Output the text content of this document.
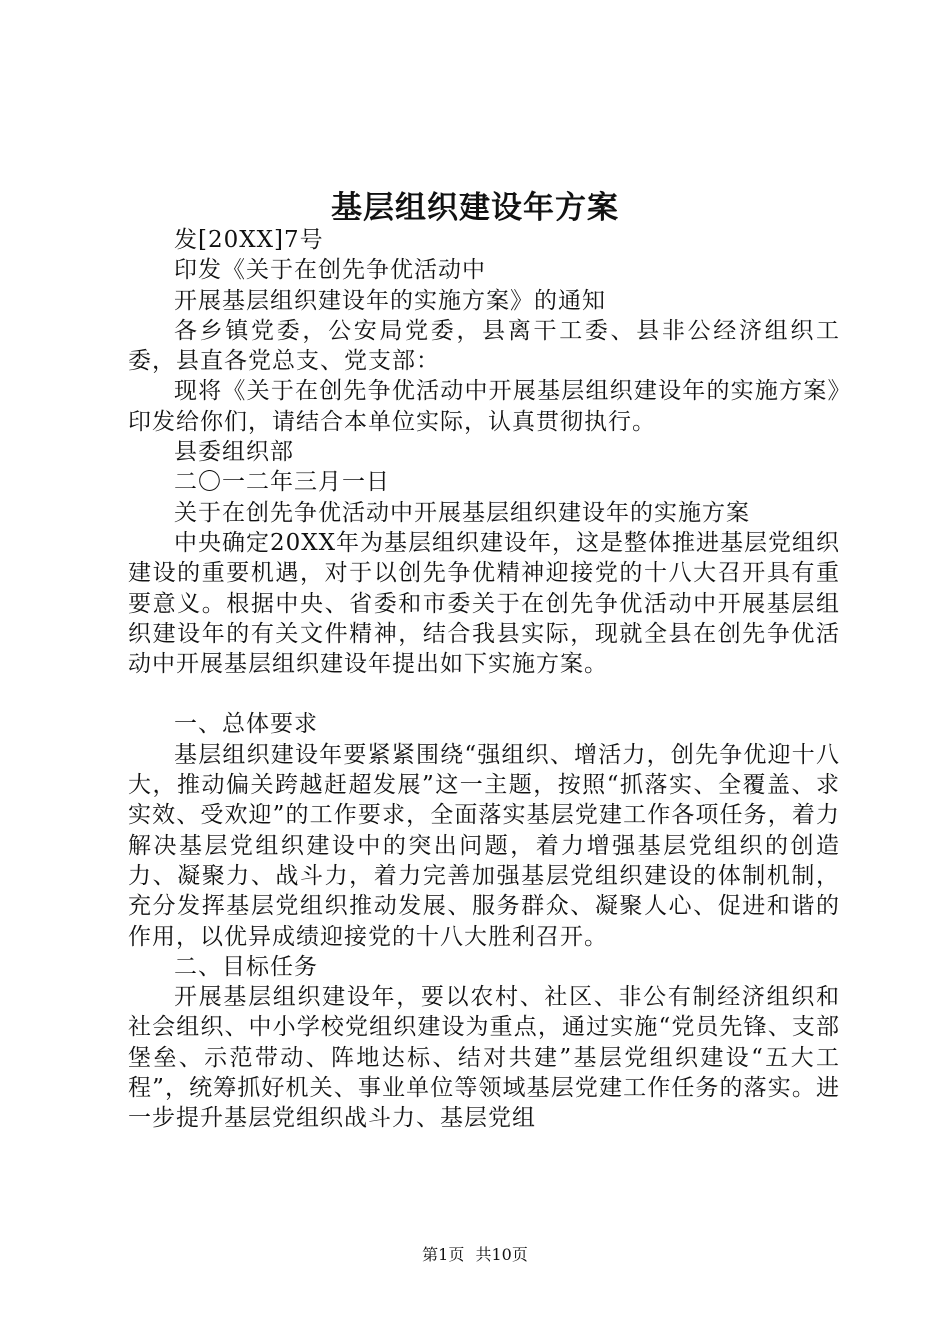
基层组织建设年方案

发[20XX]7号

印发《关于在创先争优活动中

开展基层组织建设年的实施方案》的通知

各乡镇党委，公安局党委，县离干工委、县非公经济组织工委，县直各党总支、党支部：

现将《关于在创先争优活动中开展基层组织建设年的实施方案》印发给你们，请结合本单位实际，认真贯彻执行。

县委组织部

二〇一二年三月一日

关于在创先争优活动中开展基层组织建设年的实施方案

中央确定20XX年为基层组织建设年，这是整体推进基层党组织建设的重要机遇，对于以创先争优精神迎接党的十八大召开具有重要意义。根据中央、省委和市委关于在创先争优活动中开展基层组织建设年的有关文件精神，结合我县实际，现就全县在创先争优活动中开展基层组织建设年提出如下实施方案。

一、总体要求

基层组织建设年要紧紧围绕“强组织、增活力，创先争优迎十八大，推动偏关跨越赶超发展”这一主题，按照“抓落实、全覆盖、求实效、受欢迎”的工作要求，全面落实基层党建工作各项任务，着力解决基层党组织建设中的突出问题，着力增强基层党组织的创造力、凝聚力、战斗力，着力完善加强基层党组织建设的体制机制，充分发挥基层党组织推动发展、服务群众、凝聚人心、促进和谐的作用，以优异成绩迎接党的十八大胜利召开。

二、目标任务

开展基层组织建设年，要以农村、社区、非公有制经济组织和社会组织、中小学校党组织建设为重点，通过实施“党员先锋、支部堡垒、示范带动、阵地达标、结对共建”基层党组织建设“五大工程”，统筹抓好机关、事业单位等领域基层党建工作任务的落实。进一步提升基层党组织战斗力、基层党组

第1页 共10页
